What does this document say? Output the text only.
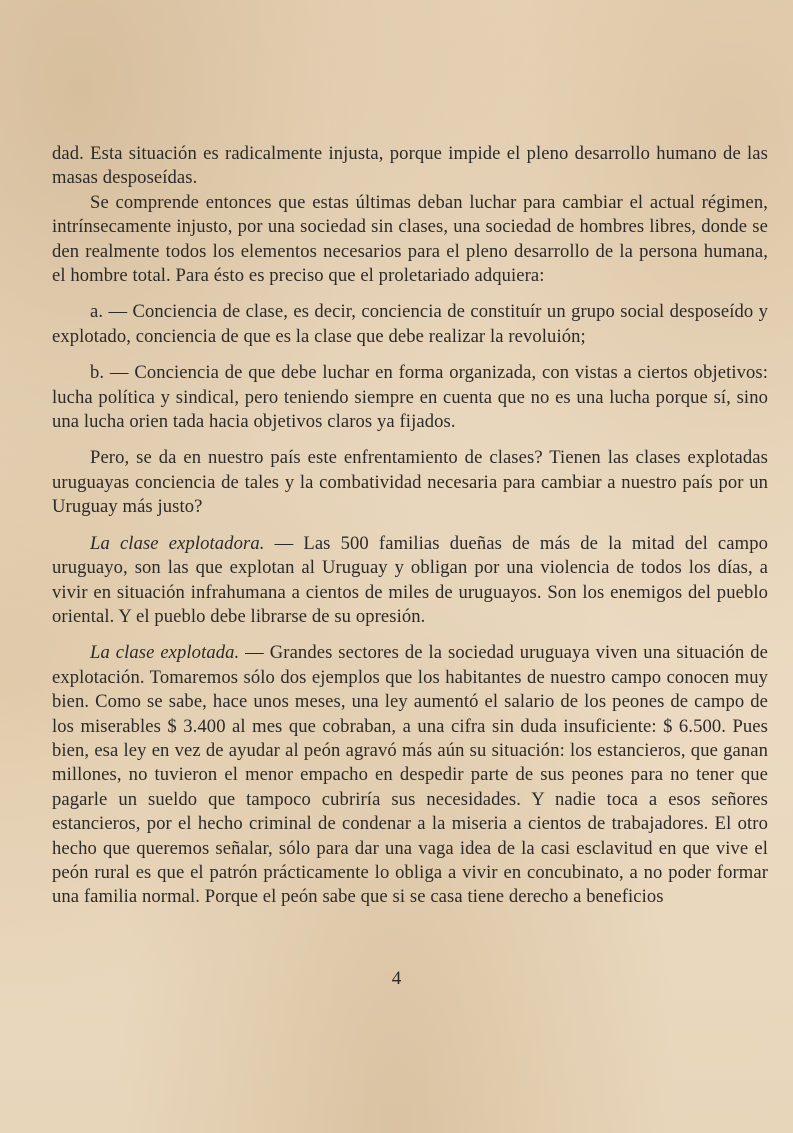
dad. Esta situación es radicalmente injusta, porque impide el pleno desarrollo humano de las masas desposeídas.

Se comprende entonces que estas últimas deban luchar para cambiar el actual régimen, intrínsecamente injusto, por una sociedad sin clases, una sociedad de hombres libres, donde se den realmente todos los elementos necesarios para el pleno desarrollo de la persona humana, el hombre total. Para ésto es preciso que el proletariado adquiera:

a. — Conciencia de clase, es decir, conciencia de constituír un grupo social desposeído y explotado, conciencia de que es la clase que debe realizar la revoluión;

b. — Conciencia de que debe luchar en forma organizada, con vistas a ciertos objetivos: lucha política y sindical, pero teniendo siempre en cuenta que no es una lucha porque sí, sino una lucha orien tada hacia objetivos claros ya fijados.

Pero, se da en nuestro país este enfrentamiento de clases? Tienen las clases explotadas uruguayas conciencia de tales y la combatividad necesaria para cambiar a nuestro país por un Uruguay más justo?

La clase explotadora. — Las 500 familias dueñas de más de la mitad del campo uruguayo, son las que explotan al Uruguay y obligan por una violencia de todos los días, a vivir en situación infrahumana a cientos de miles de uruguayos. Son los enemigos del pueblo oriental. Y el pueblo debe librarse de su opresión.

La clase explotada. — Grandes sectores de la sociedad uruguaya viven una situación de explotación. Tomaremos sólo dos ejemplos que los habitantes de nuestro campo conocen muy bien. Como se sabe, hace unos meses, una ley aumentó el salario de los peones de campo de los miserables $ 3.400 al mes que cobraban, a una cifra sin duda insuficiente: $ 6.500. Pues bien, esa ley en vez de ayudar al peón agravó más aún su situación: los estancieros, que ganan millones, no tuvieron el menor empacho en despedir parte de sus peones para no tener que pagarle un sueldo que tampoco cubriría sus necesidades. Y nadie toca a esos señores estancieros, por el hecho criminal de condenar a la miseria a cientos de trabajadores. El otro hecho que queremos señalar, sólo para dar una vaga idea de la casi esclavitud en que vive el peón rural es que el patrón prácticamente lo obliga a vivir en concubinato, a no poder formar una familia normal. Porque el peón sabe que si se casa tiene derecho a beneficios

4
